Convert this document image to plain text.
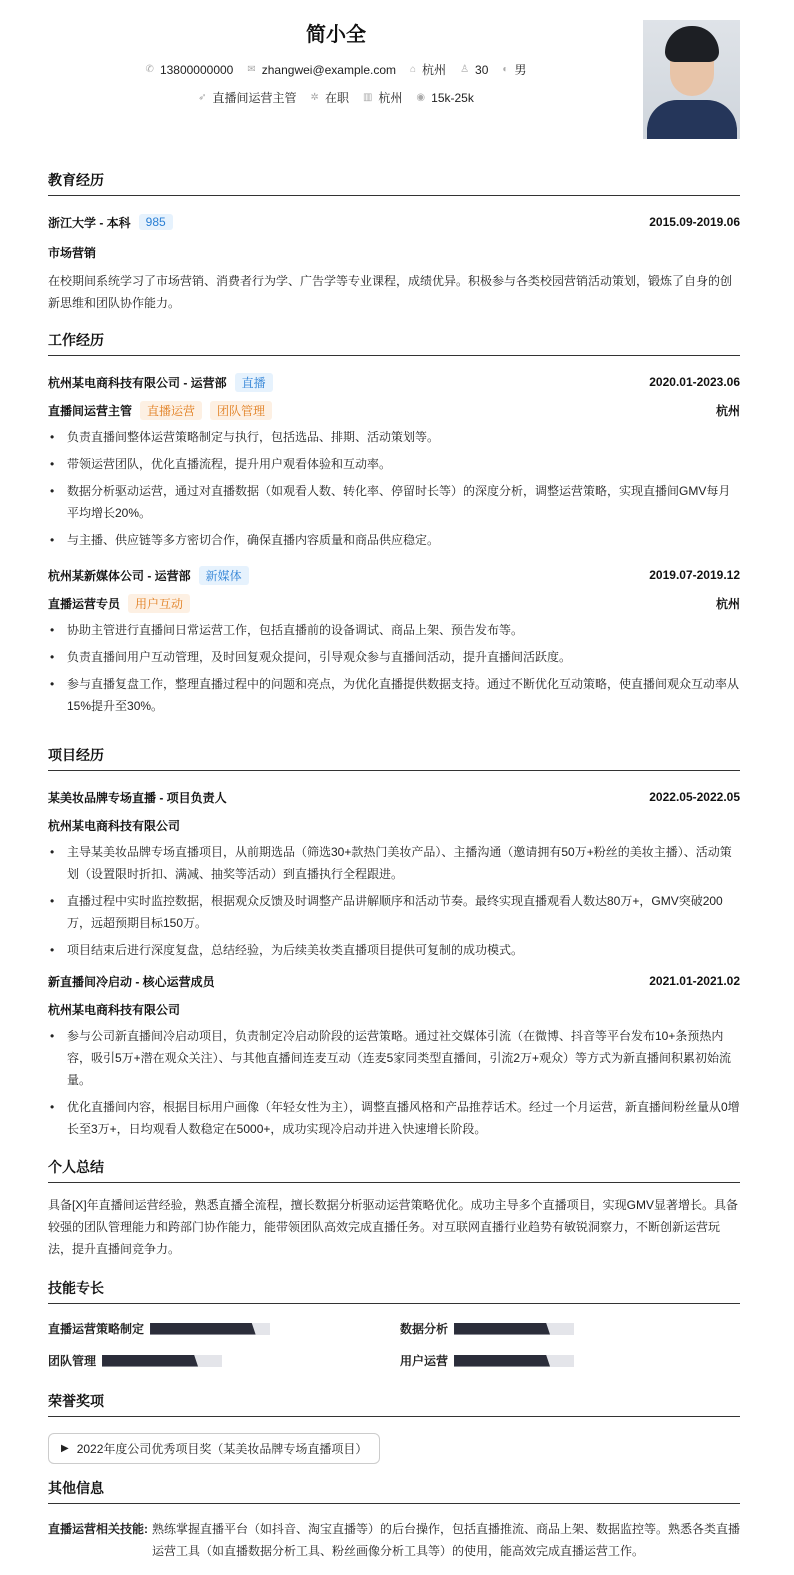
简小全
✆ 13800000000 ✉ zhangwei@example.com ⌂ 杭州 ♙ 30 ◐ 男
➶ 直播间运营主管 ✲ 在职 ▥ 杭州 ◉ 15k-25k
教育经历
浙江大学 - 本科	985	2015.09-2019.06
市场营销

在校期间系统学习了市场营销、消费者行为学、广告学等专业课程，成绩优异。积极参与各类校园营销活动策划，锻炼了自身的创新思维和团队协作能力。

工作经历
杭州某电商科技有限公司 - 运营部	直播	2020.01-2023.06
直播间运营主管	直播运营	团队管理	杭州
• 负责直播间整体运营策略制定与执行，包括选品、排期、活动策划等。
• 带领运营团队，优化直播流程，提升用户观看体验和互动率。
• 数据分析驱动运营，通过对直播数据（如观看人数、转化率、停留时长等）的深度分析，调整运营策略，实现直播间GMV每月平均增长20%。
• 与主播、供应链等多方密切合作，确保直播内容质量和商品供应稳定。
杭州某新媒体公司 - 运营部	新媒体	2019.07-2019.12
直播运营专员	用户互动	杭州
• 协助主管进行直播间日常运营工作，包括直播前的设备调试、商品上架、预告发布等。
• 负责直播间用户互动管理，及时回复观众提问，引导观众参与直播间活动，提升直播间活跃度。
• 参与直播复盘工作，整理直播过程中的问题和亮点，为优化直播提供数据支持。通过不断优化互动策略，使直播间观众互动率从15%提升至30%。
项目经历
某美妆品牌专场直播 - 项目负责人	2022.05-2022.05
杭州某电商科技有限公司
• 主导某美妆品牌专场直播项目，从前期选品（筛选30+款热门美妆产品）、主播沟通（邀请拥有50万+粉丝的美妆主播）、活动策划（设置限时折扣、满减、抽奖等活动）到直播执行全程跟进。
• 直播过程中实时监控数据，根据观众反馈及时调整产品讲解顺序和活动节奏。最终实现直播观看人数达80万+，GMV突破200万，远超预期目标150万。
• 项目结束后进行深度复盘，总结经验，为后续美妆类直播项目提供可复制的成功模式。
新直播间冷启动 - 核心运营成员	2021.01-2021.02
杭州某电商科技有限公司
• 参与公司新直播间冷启动项目，负责制定冷启动阶段的运营策略。通过社交媒体引流（在微博、抖音等平台发布10+条预热内容，吸引5万+潜在观众关注）、与其他直播间连麦互动（连麦5家同类型直播间，引流2万+观众）等方式为新直播间积累初始流量。
• 优化直播间内容，根据目标用户画像（年轻女性为主），调整直播风格和产品推荐话术。经过一个月运营，新直播间粉丝量从0增长至3万+，日均观看人数稳定在5000+，成功实现冷启动并进入快速增长阶段。
个人总结

具备[X]年直播间运营经验，熟悉直播全流程，擅长数据分析驱动运营策略优化。成功主导多个直播项目，实现GMV显著增长。具备较强的团队管理能力和跨部门协作能力，能带领团队高效完成直播任务。对互联网直播行业趋势有敏锐洞察力，不断创新运营玩法，提升直播间竞争力。

技能专长
直播运营策略制定	数据分析
团队管理	用户运营
荣誉奖项
▶ 2022年度公司优秀项目奖（某美妆品牌专场直播项目）
其他信息
直播运营相关技能: 熟练掌握直播平台（如抖音、淘宝直播等）的后台操作，包括直播推流、商品上架、数据监控等。熟悉各类直播运营工具（如直播数据分析工具、粉丝画像分析工具等）的使用，能高效完成直播运营工作。
